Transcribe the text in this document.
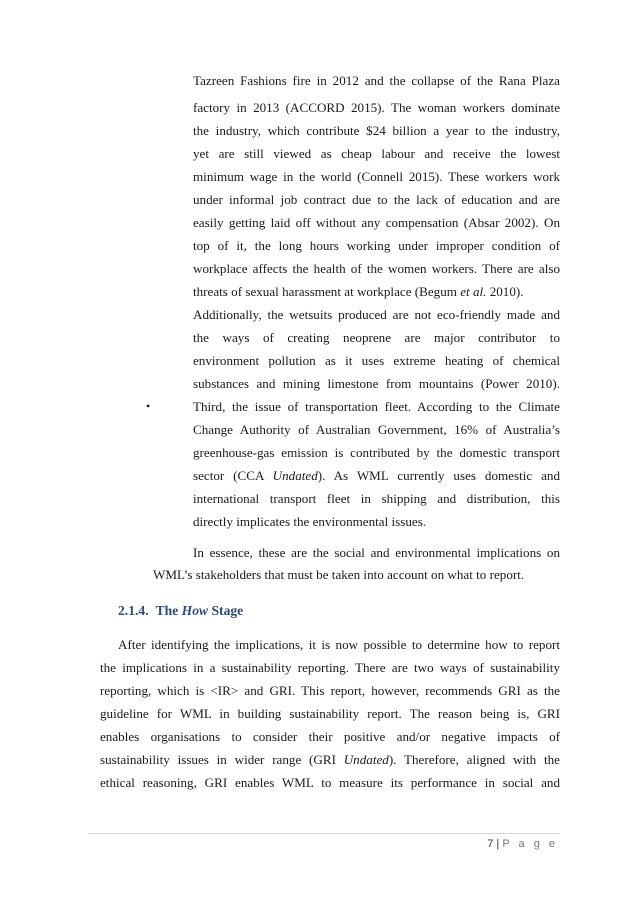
Tazreen Fashions fire in 2012 and the collapse of the Rana Plaza
factory in 2013 (ACCORD 2015). The woman workers dominate
the industry, which contribute $24 billion a year to the industry,
yet are still viewed as cheap labour and receive the lowest
minimum wage in the world (Connell 2015). These workers work
under informal job contract due to the lack of education and are
easily getting laid off without any compensation (Absar 2002). On
top of it, the long hours working under improper condition of
workplace affects the health of the women workers. There are also
threats of sexual harassment at workplace (Begum et al. 2010).
Additionally, the wetsuits produced are not eco-friendly made and
the ways of creating neoprene are major contributor to
environment pollution as it uses extreme heating of chemical
substances and mining limestone from mountains (Power 2010).
•	Third, the issue of transportation fleet. According to the Climate
Change Authority of Australian Government, 16% of Australia’s
greenhouse-gas emission is contributed by the domestic transport
sector (CCA Undated). As WML currently uses domestic and
international transport fleet in shipping and distribution, this
directly implicates the environmental issues.
In essence, these are the social and environmental implications on
WML’s stakeholders that must be taken into account on what to report.
2.1.4. The How Stage
After identifying the implications, it is now possible to determine how to report
the implications in a sustainability reporting. There are two ways of sustainability
reporting, which is <IR> and GRI. This report, however, recommends GRI as the
guideline for WML in building sustainability report. The reason being is, GRI
enables organisations to consider their positive and/or negative impacts of
sustainability issues in wider range (GRI Undated). Therefore, aligned with the
ethical reasoning, GRI enables WML to measure its performance in social and
7 | P a g e
